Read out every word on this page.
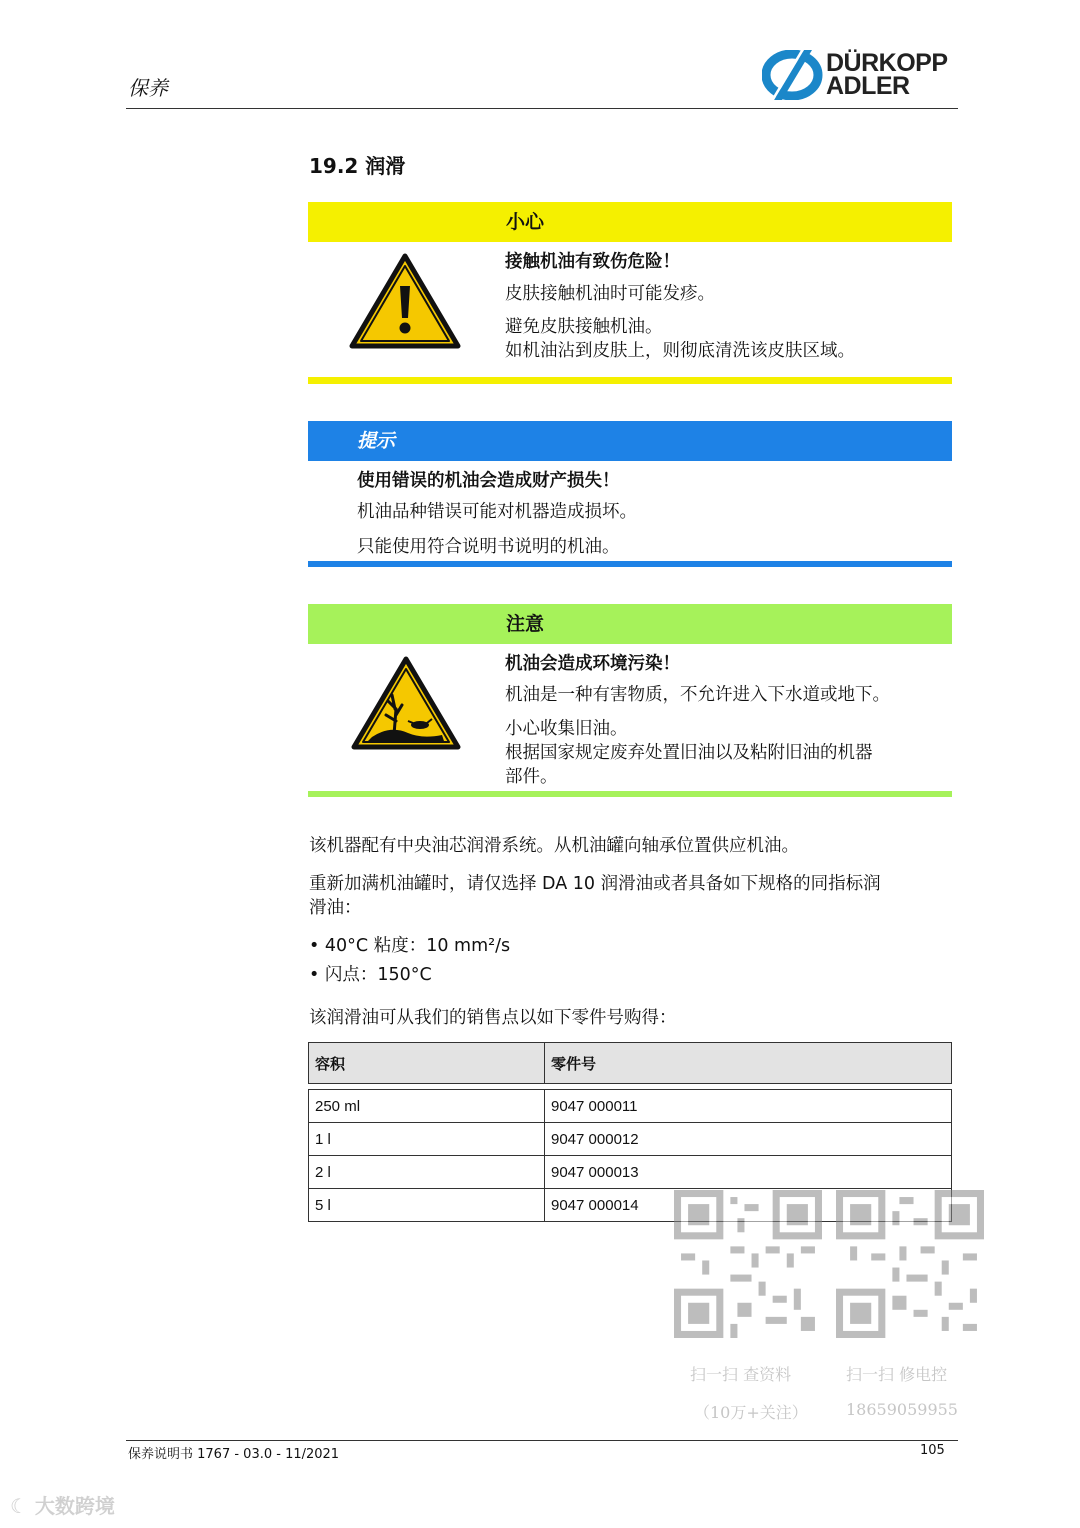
保养
DÜRKOPP
ADLER
19.2 润滑
小心
接触机油有致伤危险！
皮肤接触机油时可能发疹。
避免皮肤接触机油。
如机油沾到皮肤上，则彻底清洗该皮肤区域。
提示
使用错误的机油会造成财产损失！
机油品种错误可能对机器造成损坏。
只能使用符合说明书说明的机油。
注意
机油会造成环境污染！
机油是一种有害物质，不允许进入下水道或地下。
小心收集旧油。
根据国家规定废弃处置旧油以及粘附旧油的机器
部件。
该机器配有中央油芯润滑系统。从机油罐向轴承位置供应机油。
重新加满机油罐时，请仅选择 DA 10 润滑油或者具备如下规格的同指标润
滑油：
• 40°C 粘度：10 mm²/s
• 闪点：150°C
该润滑油可从我们的销售点以如下零件号购得：
容积	零件号

250 ml	9047 000011
1 l	9047 000012
2 l	9047 000013
5 l	9047 000014
扫一扫 查资料
（10万+关注）
扫一扫 修电控
18659059955
保养说明书 1767 - 03.0 - 11/2021	105
☾ 大数跨境
